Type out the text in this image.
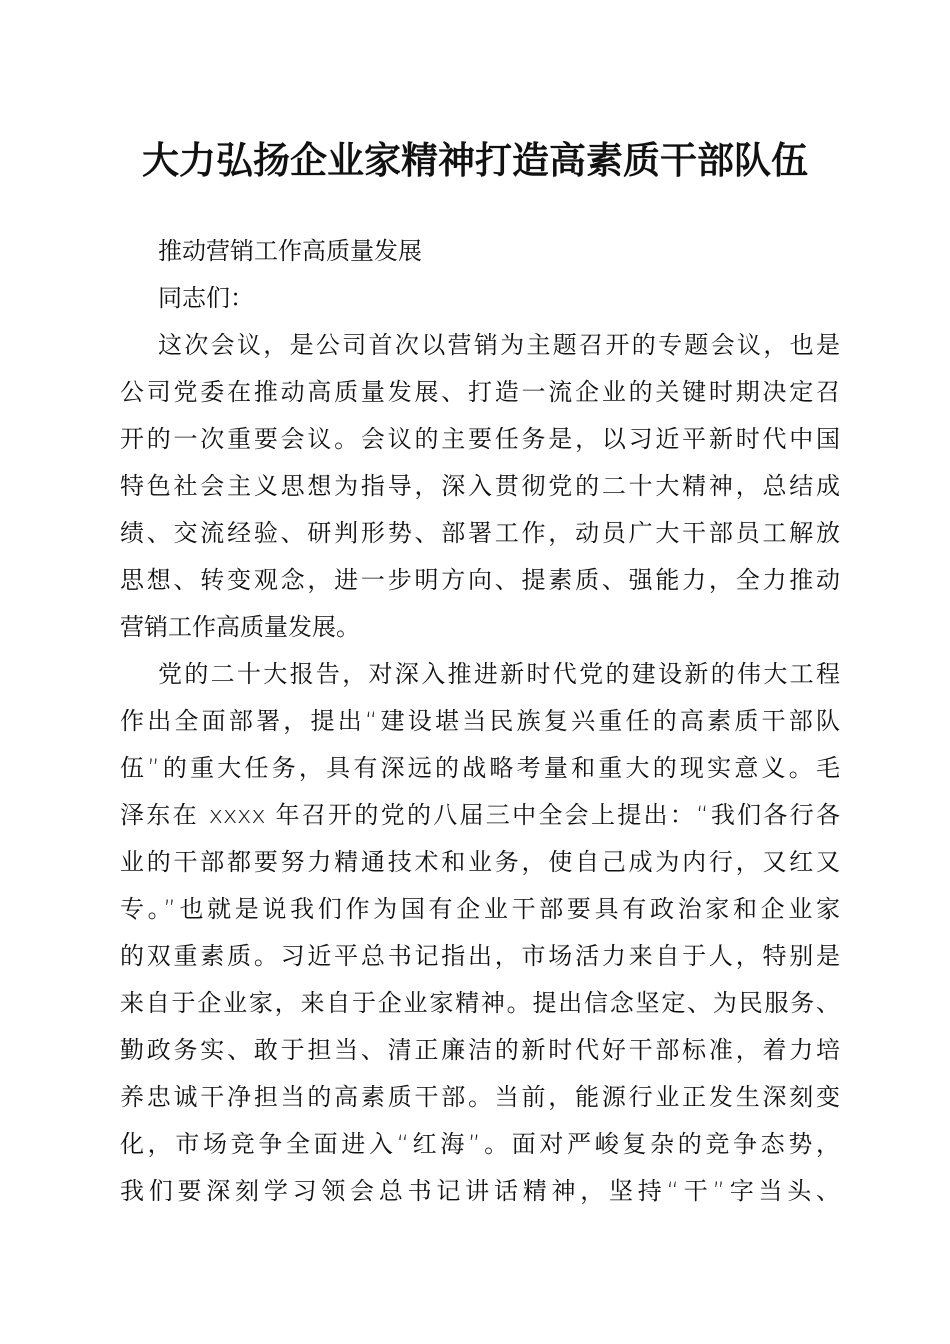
大力弘扬企业家精神打造高素质干部队伍
推动营销工作高质量发展
同志们：
这次会议，是公司首次以营销为主题召开的专题会议，也是
公司党委在推动高质量发展、打造一流企业的关键时期决定召
开的一次重要会议。会议的主要任务是，以习近平新时代中国
特色社会主义思想为指导，深入贯彻党的二十大精神，总结成
绩、交流经验、研判形势、部署工作，动员广大干部员工解放
思想、转变观念，进一步明方向、提素质、强能力，全力推动
营销工作高质量发展。
党的二十大报告，对深入推进新时代党的建设新的伟大工程
作出全面部署，提出“建设堪当民族复兴重任的高素质干部队
伍”的重大任务，具有深远的战略考量和重大的现实意义。毛
泽东在 xxxx 年召开的党的八届三中全会上提出：“我们各行各
业的干部都要努力精通技术和业务，使自己成为内行，又红又
专。”也就是说我们作为国有企业干部要具有政治家和企业家
的双重素质。习近平总书记指出，市场活力来自于人，特别是
来自于企业家，来自于企业家精神。提出信念坚定、为民服务、
勤政务实、敢于担当、清正廉洁的新时代好干部标准，着力培
养忠诚干净担当的高素质干部。当前，能源行业正发生深刻变
化，市场竞争全面进入“红海”。面对严峻复杂的竞争态势，
我们要深刻学习领会总书记讲话精神，坚持“干”字当头、
